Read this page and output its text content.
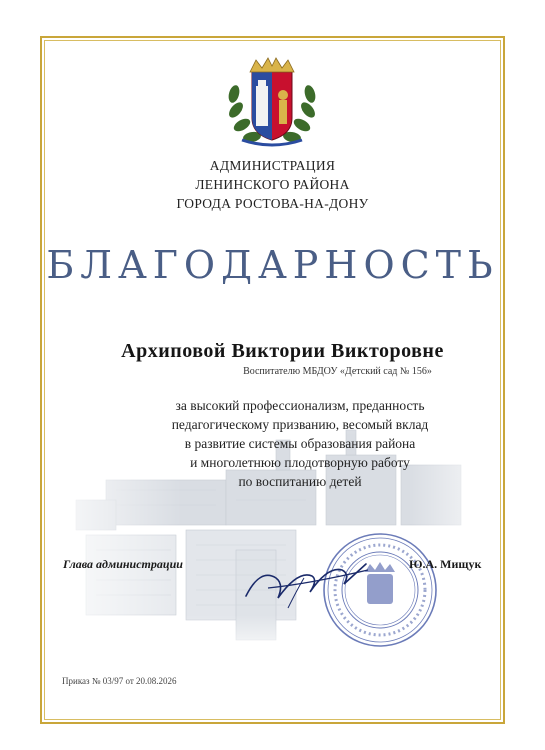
АДМИНИСТРАЦИЯ
ЛЕНИНСКОГО РАЙОНА
ГОРОДА РОСТОВА-НА-ДОНУ
БЛАГОДАРНОСТЬ
Архиповой Виктории Викторовне
Воспитателю МБДОУ «Детский сад № 156»
за высокий профессионализм, преданность
педагогическому призванию, весомый вклад
в развитие системы образования района
и многолетнюю плодотворную работу
по воспитанию детей
Глава администрации	Ю.А. Мищук
Приказ № 03/97 от 20.08.2026
